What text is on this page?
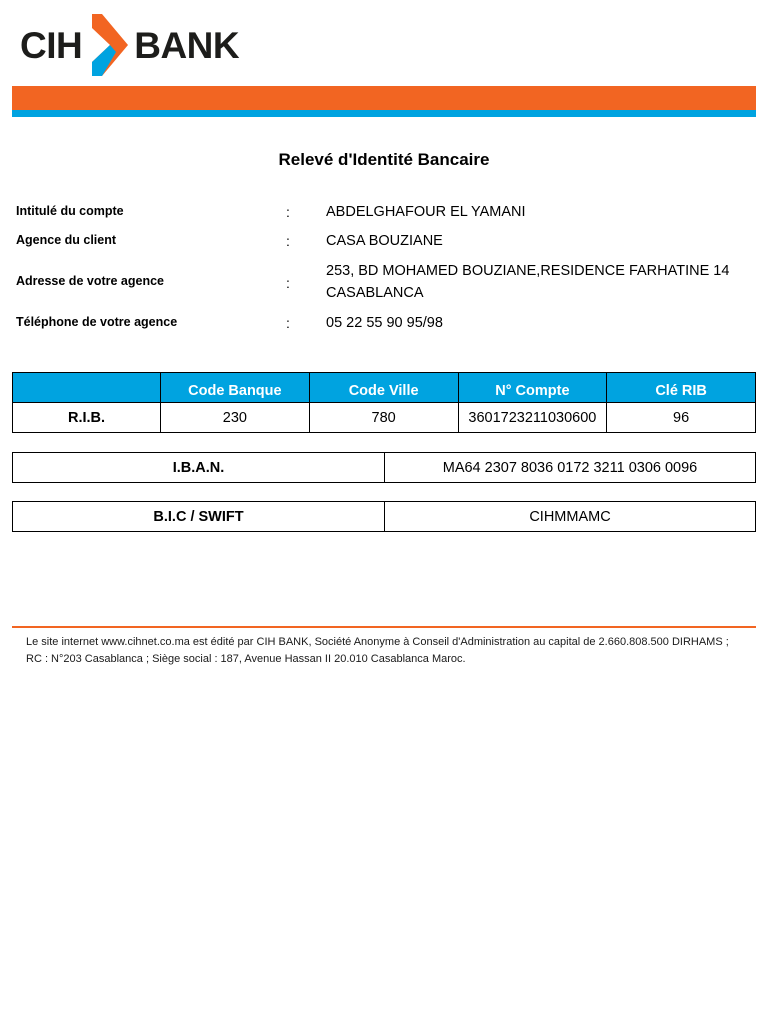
CIH BANK
Relevé d'Identité Bancaire
Intitulé du compte	: ABDELGHAFOUR EL YAMANI
Agence du client	: CASA BOUZIANE
Adresse de votre agence	:
253, BD MOHAMED BOUZIANE,RESIDENCE FARHATINE 14
CASABLANCA
Téléphone de votre agence	: 05 22 55 90 95/98
	Code Banque	Code Ville	N° Compte	Clé RIB
R.I.B.	230	780	3601723211030600	96
I.B.A.N.	MA64 2307 8036 0172 3211 0306 0096
B.I.C / SWIFT	CIHMMAMC
Le site internet www.cihnet.co.ma est édité par CIH BANK, Société Anonyme à Conseil d'Administration au capital de 2.660.808.500 DIRHAMS ;
RC : N°203 Casablanca ; Siège social : 187, Avenue Hassan II 20.010 Casablanca Maroc.
